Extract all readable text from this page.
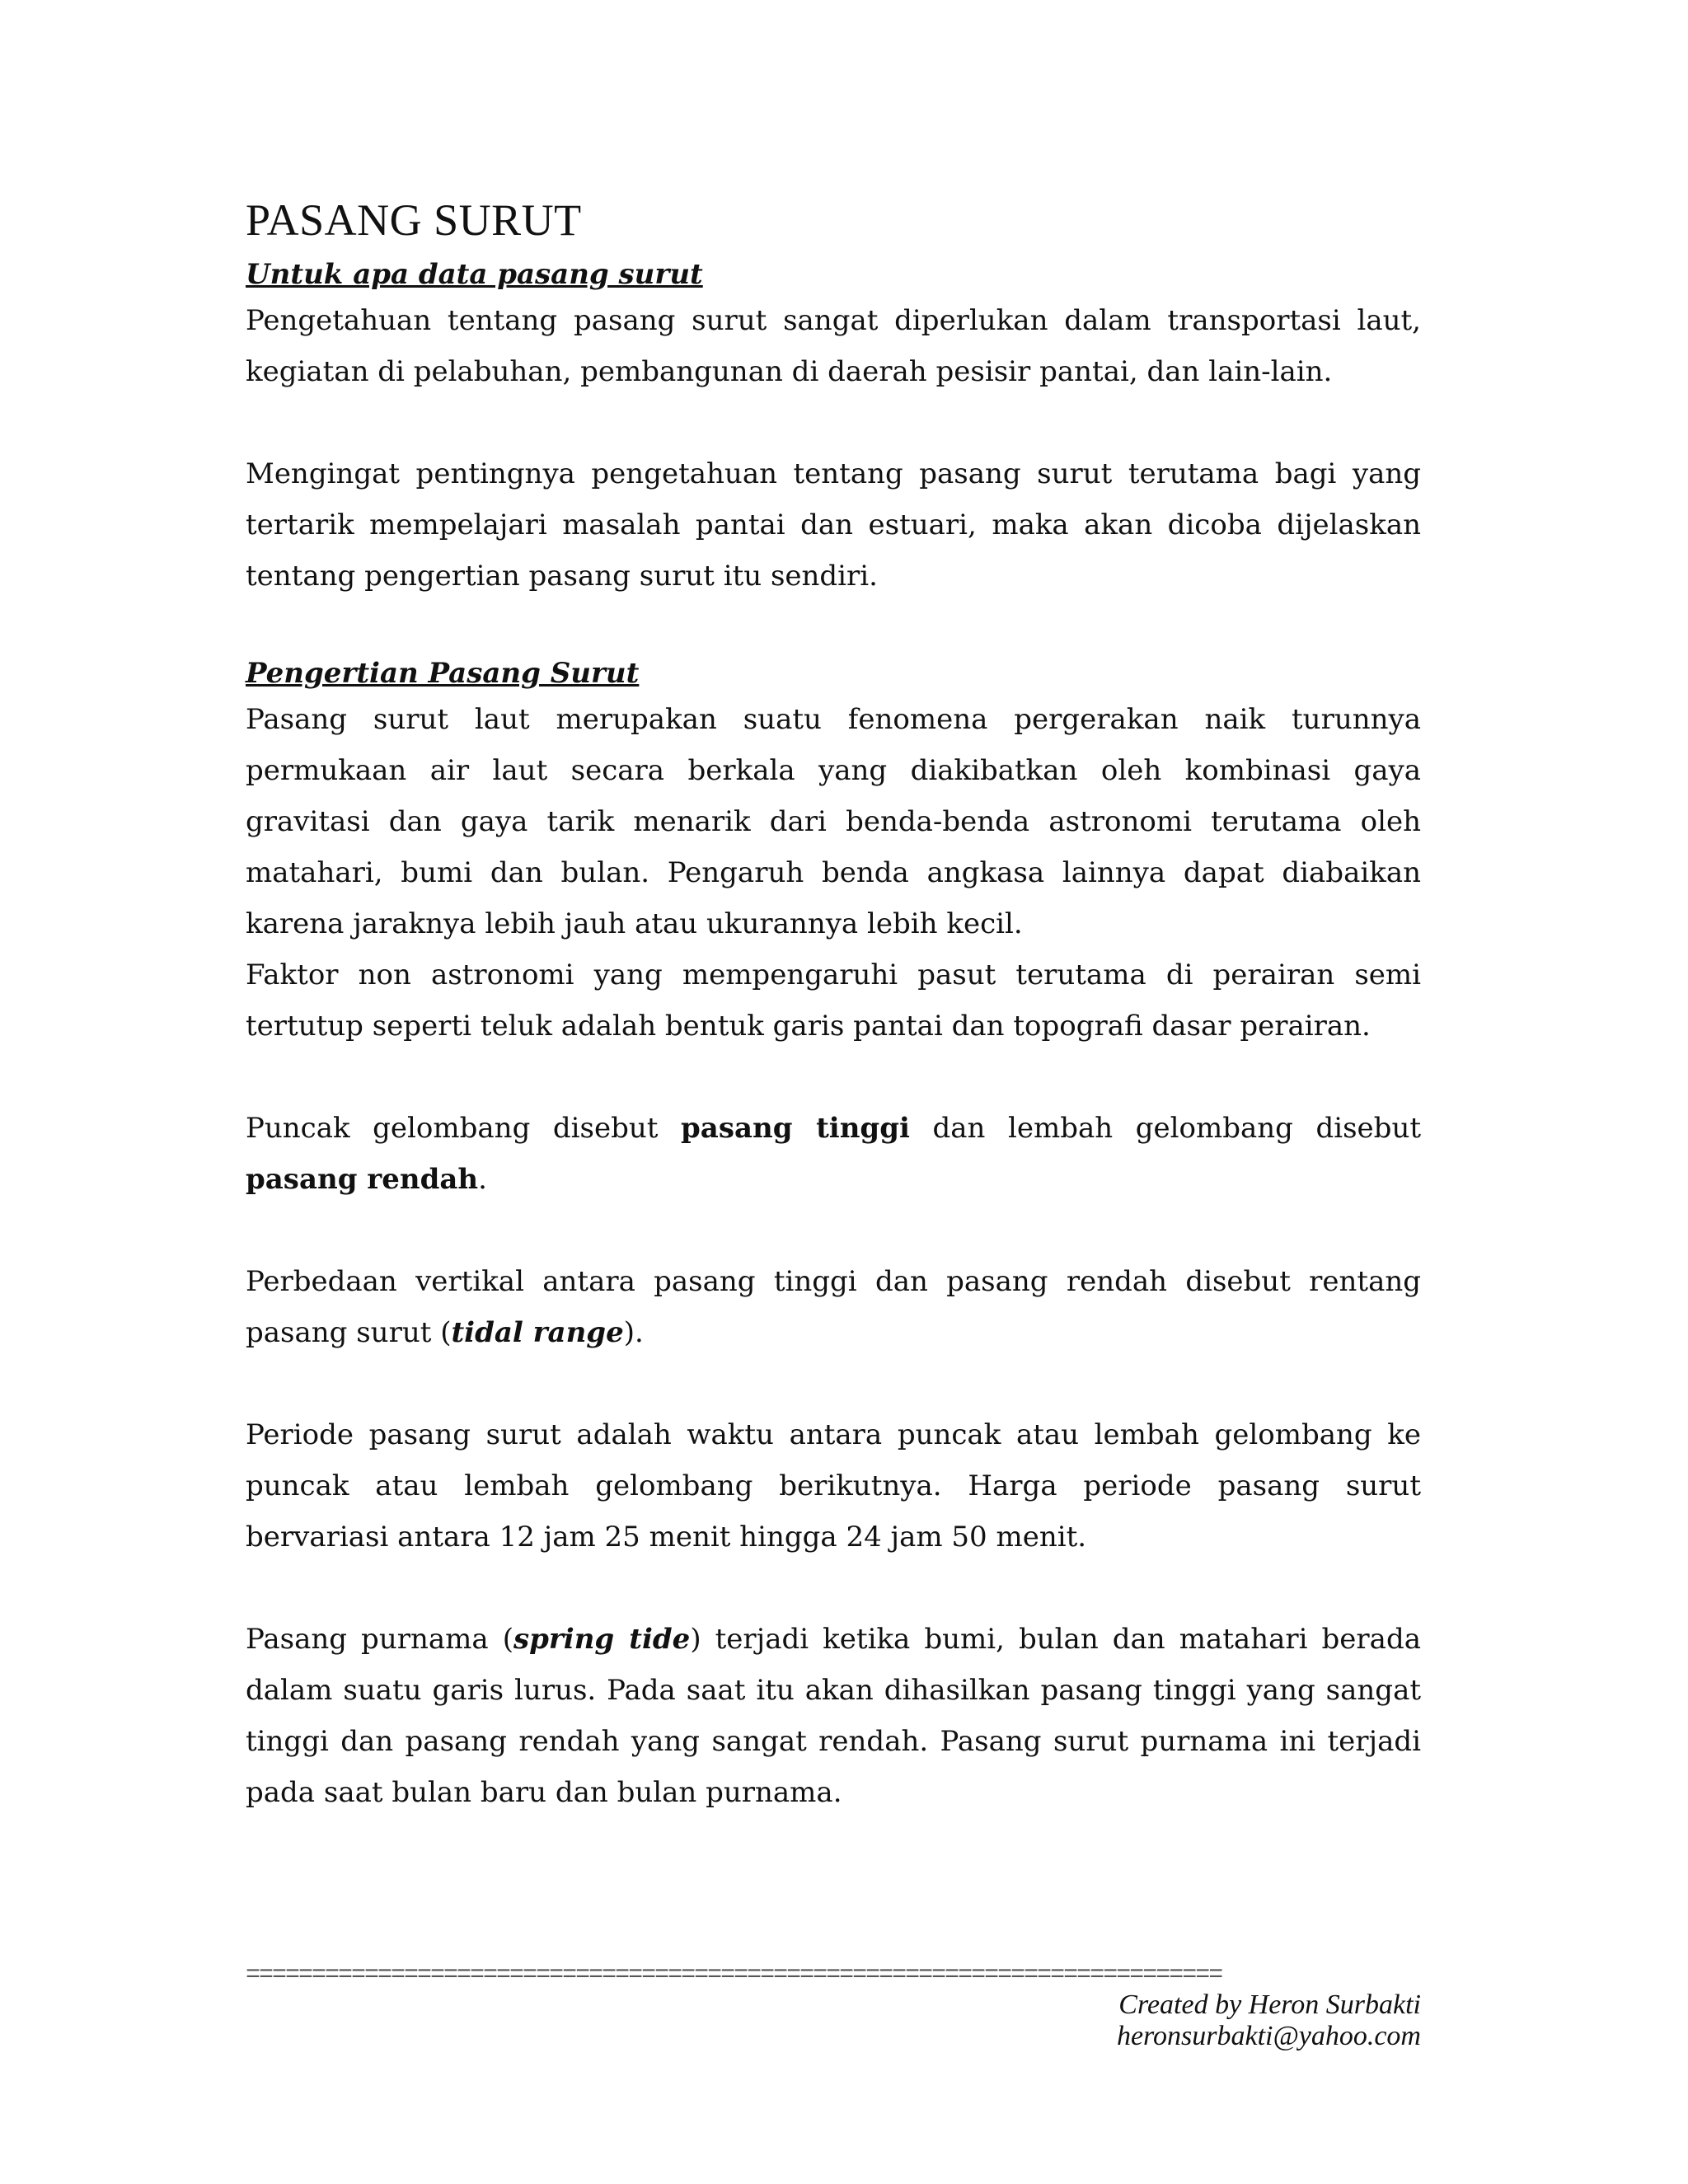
PASANG SURUT
Untuk apa data pasang surut

Pengetahuan tentang pasang surut sangat diperlukan dalam transportasi laut, kegiatan di pelabuhan, pembangunan di daerah pesisir pantai, dan lain-lain.

Mengingat pentingnya pengetahuan tentang pasang surut terutama bagi yang tertarik mempelajari masalah pantai dan estuari, maka akan dicoba dijelaskan tentang pengertian pasang surut itu sendiri.

Pengertian Pasang Surut

Pasang surut laut merupakan suatu fenomena pergerakan naik turunnya permukaan air laut secara berkala yang diakibatkan oleh kombinasi gaya gravitasi dan gaya tarik menarik dari benda-benda astronomi terutama oleh matahari, bumi dan bulan. Pengaruh benda angkasa lainnya dapat diabaikan karena jaraknya lebih jauh atau ukurannya lebih kecil.

Faktor non astronomi yang mempengaruhi pasut terutama di perairan semi tertutup seperti teluk adalah bentuk garis pantai dan topografi dasar perairan.

Puncak gelombang disebut pasang tinggi dan lembah gelombang disebut pasang rendah.

Perbedaan vertikal antara pasang tinggi dan pasang rendah disebut rentang pasang surut (tidal range).

Periode pasang surut adalah waktu antara puncak atau lembah gelombang ke puncak atau lembah gelombang berikutnya. Harga periode pasang surut bervariasi antara 12 jam 25 menit hingga 24 jam 50 menit.

Pasang purnama (spring tide) terjadi ketika bumi, bulan dan matahari berada dalam suatu garis lurus. Pada saat itu akan dihasilkan pasang tinggi yang sangat tinggi dan pasang rendah yang sangat rendah. Pasang surut purnama ini terjadi pada saat bulan baru dan bulan purnama.

==========================================================================
Created by Heron Surbakti
heronsurbakti@yahoo.com
